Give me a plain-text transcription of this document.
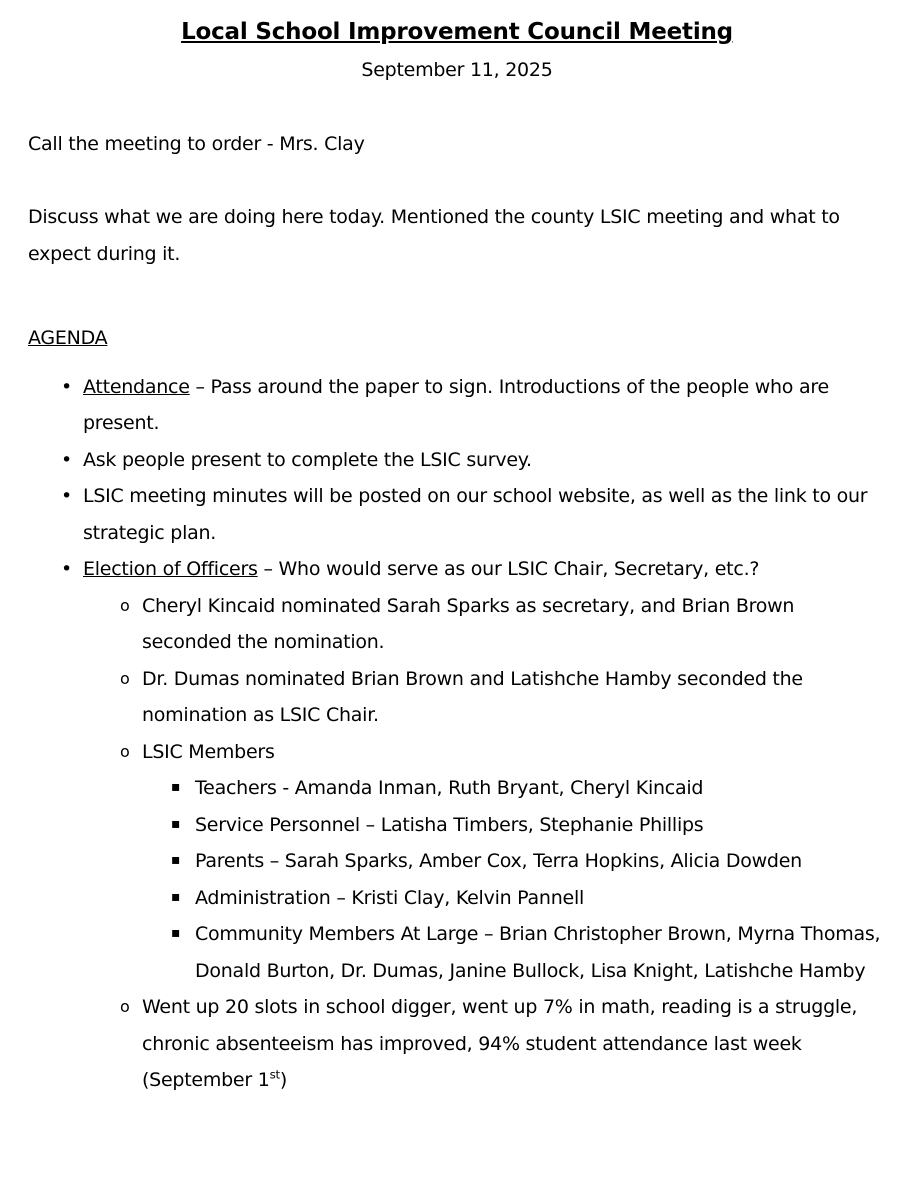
Local School Improvement Council Meeting

September 11, 2025

Call the meeting to order - Mrs. Clay

Discuss what we are doing here today. Mentioned the county LSIC meeting and what to expect during it.

AGENDA
• Attendance – Pass around the paper to sign. Introductions of the people who are present.
• Ask people present to complete the LSIC survey.
• LSIC meeting minutes will be posted on our school website, as well as the link to our strategic plan.
• Election of Officers – Who would serve as our LSIC Chair, Secretary, etc.?
o Cheryl Kincaid nominated Sarah Sparks as secretary, and Brian Brown seconded the nomination.
o Dr. Dumas nominated Brian Brown and Latishche Hamby seconded the nomination as LSIC Chair.
o LSIC Members
▪ Teachers - Amanda Inman, Ruth Bryant, Cheryl Kincaid
▪ Service Personnel – Latisha Timbers, Stephanie Phillips
▪ Parents – Sarah Sparks, Amber Cox, Terra Hopkins, Alicia Dowden
▪ Administration – Kristi Clay, Kelvin Pannell
▪ Community Members At Large – Brian Christopher Brown, Myrna Thomas, Donald Burton, Dr. Dumas, Janine Bullock, Lisa Knight, Latishche Hamby
o Went up 20 slots in school digger, went up 7% in math, reading is a struggle, chronic absenteeism has improved, 94% student attendance last week (September 1st)
